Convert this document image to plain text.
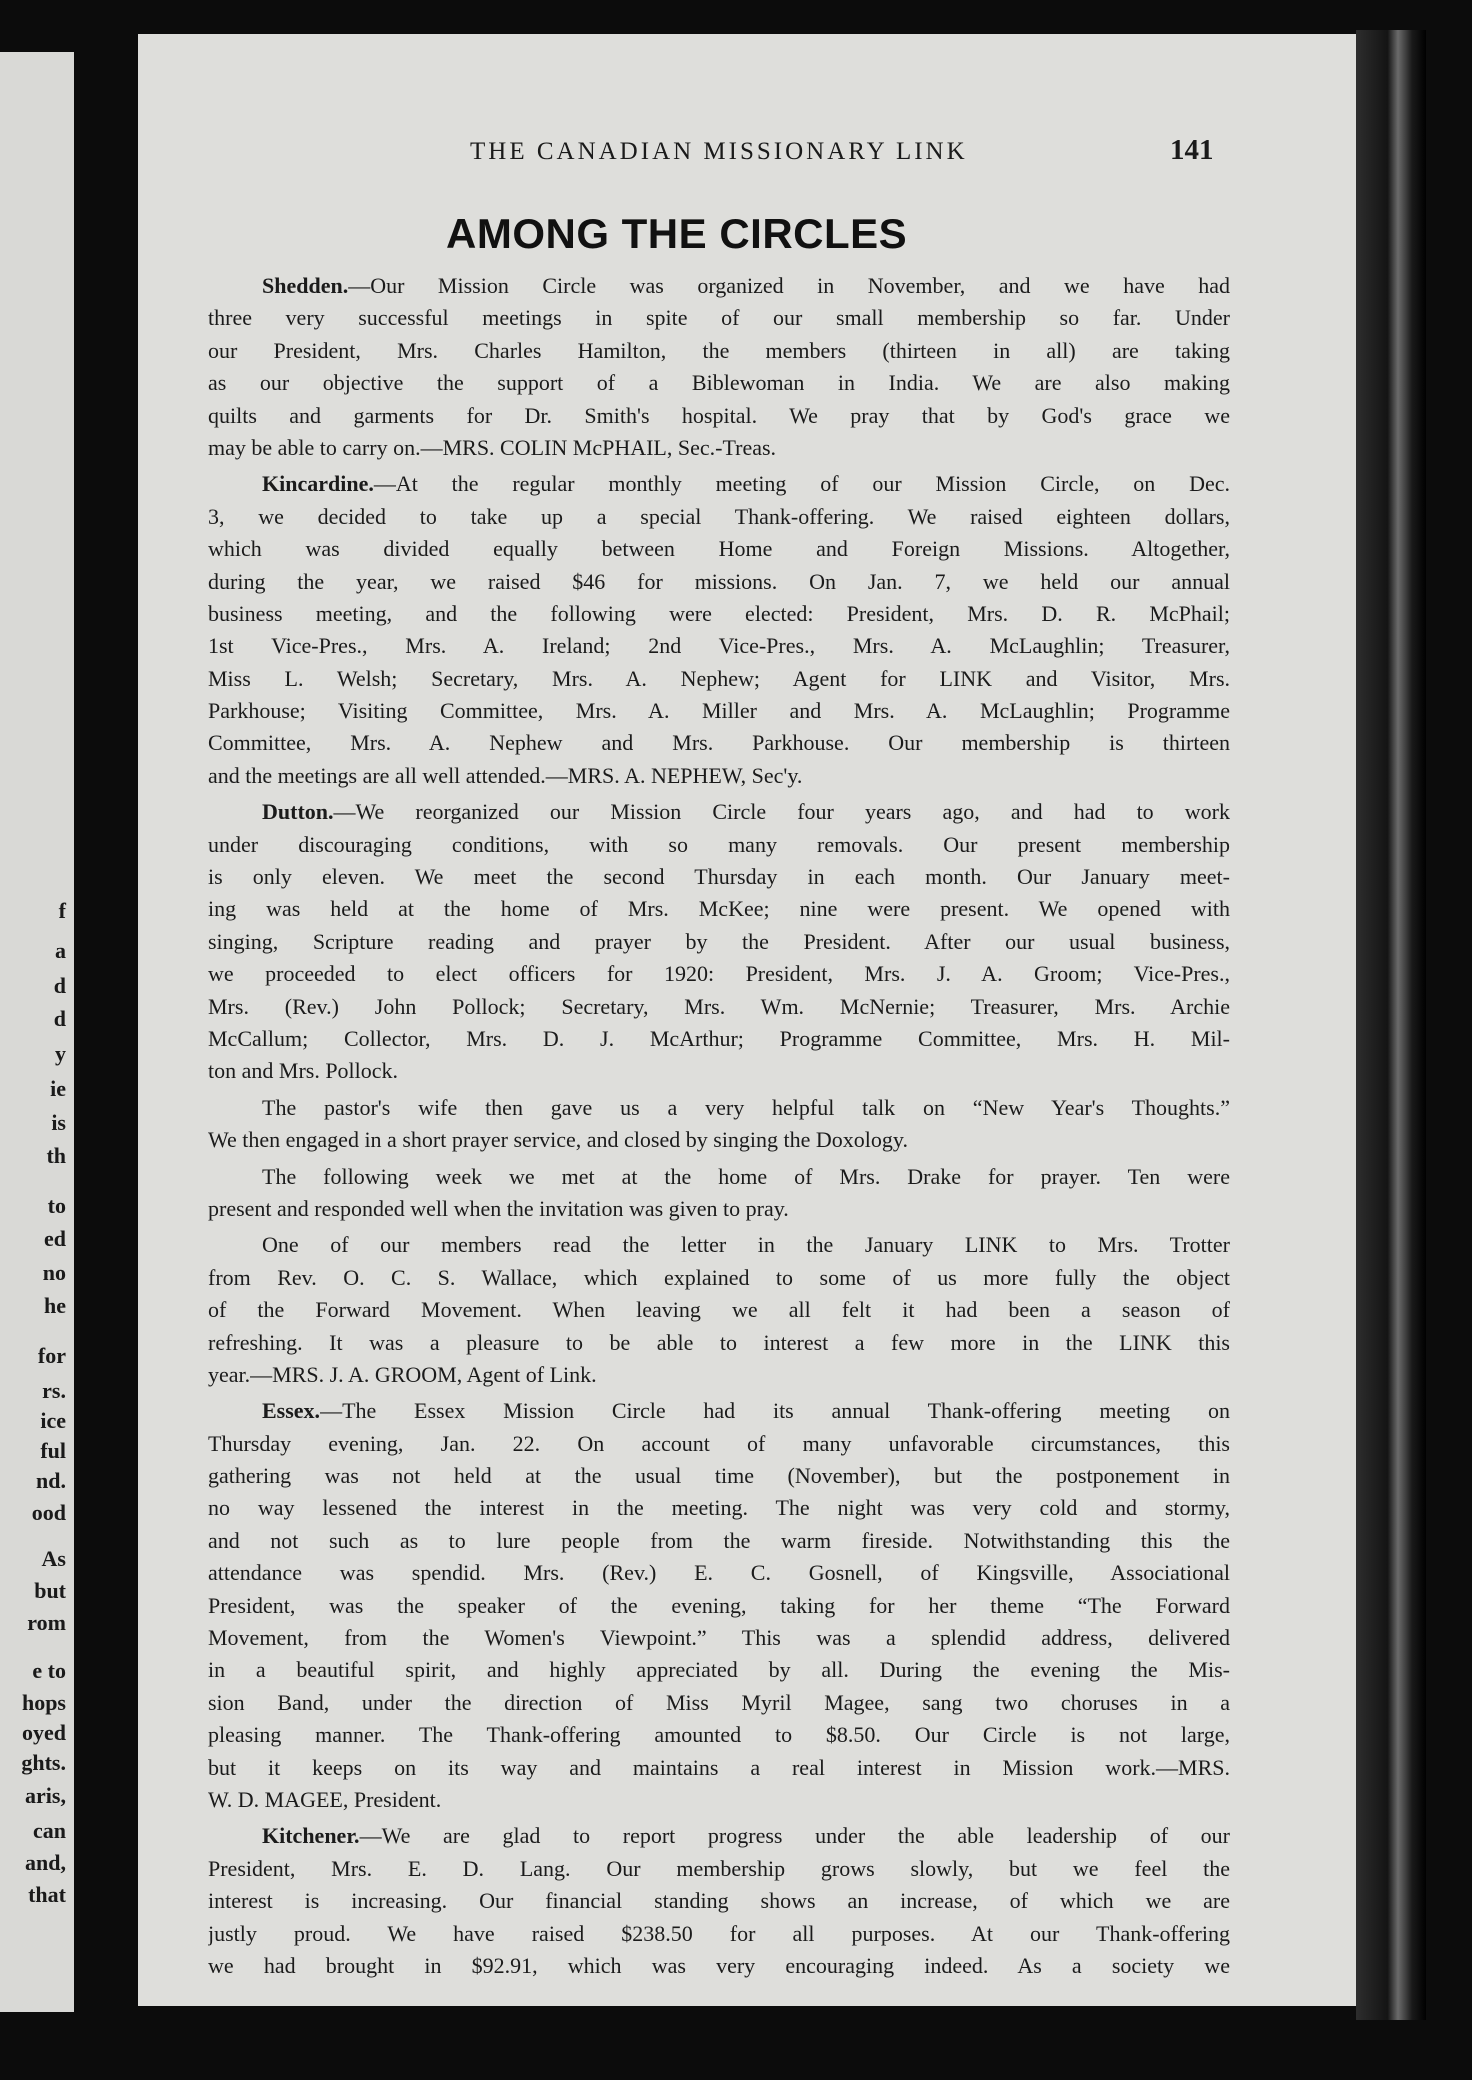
f
a
d
d
y
ie
is
th
to
ed
no
he
for
rs.
ice
ful
nd.
ood
As
but
rom
e to
hops
oyed
ghts.
aris,
can
and,
that
THE CANADIAN MISSIONARY LINK	141
AMONG THE CIRCLES
Shedden.—Our Mission Circle was organized in November, and we have had
three very successful meetings in spite of our small membership so far. Under
our President, Mrs. Charles Hamilton, the members (thirteen in all) are taking
as our objective the support of a Biblewoman in India. We are also making
quilts and garments for Dr. Smith's hospital. We pray that by God's grace we
may be able to carry on.—MRS. COLIN McPHAIL, Sec.-Treas.
Kincardine.—At the regular monthly meeting of our Mission Circle, on Dec.
3, we decided to take up a special Thank-offering. We raised eighteen dollars,
which was divided equally between Home and Foreign Missions. Altogether,
during the year, we raised $46 for missions. On Jan. 7, we held our annual
business meeting, and the following were elected: President, Mrs. D. R. McPhail;
1st Vice-Pres., Mrs. A. Ireland; 2nd Vice-Pres., Mrs. A. McLaughlin; Treasurer,
Miss L. Welsh; Secretary, Mrs. A. Nephew; Agent for LINK and Visitor, Mrs.
Parkhouse; Visiting Committee, Mrs. A. Miller and Mrs. A. McLaughlin; Programme
Committee, Mrs. A. Nephew and Mrs. Parkhouse. Our membership is thirteen
and the meetings are all well attended.—MRS. A. NEPHEW, Sec'y.
Dutton.—We reorganized our Mission Circle four years ago, and had to work
under discouraging conditions, with so many removals. Our present membership
is only eleven. We meet the second Thursday in each month. Our January meet-
ing was held at the home of Mrs. McKee; nine were present. We opened with
singing, Scripture reading and prayer by the President. After our usual business,
we proceeded to elect officers for 1920: President, Mrs. J. A. Groom; Vice-Pres.,
Mrs. (Rev.) John Pollock; Secretary, Mrs. Wm. McNernie; Treasurer, Mrs. Archie
McCallum; Collector, Mrs. D. J. McArthur; Programme Committee, Mrs. H. Mil-
ton and Mrs. Pollock.
The pastor's wife then gave us a very helpful talk on “New Year's Thoughts.”
We then engaged in a short prayer service, and closed by singing the Doxology.
The following week we met at the home of Mrs. Drake for prayer. Ten were
present and responded well when the invitation was given to pray.
One of our members read the letter in the January LINK to Mrs. Trotter
from Rev. O. C. S. Wallace, which explained to some of us more fully the object
of the Forward Movement. When leaving we all felt it had been a season of
refreshing. It was a pleasure to be able to interest a few more in the LINK this
year.—MRS. J. A. GROOM, Agent of Link.
Essex.—The Essex Mission Circle had its annual Thank-offering meeting on
Thursday evening, Jan. 22. On account of many unfavorable circumstances, this
gathering was not held at the usual time (November), but the postponement in
no way lessened the interest in the meeting. The night was very cold and stormy,
and not such as to lure people from the warm fireside. Notwithstanding this the
attendance was spendid. Mrs. (Rev.) E. C. Gosnell, of Kingsville, Associational
President, was the speaker of the evening, taking for her theme “The Forward
Movement, from the Women's Viewpoint.” This was a splendid address, delivered
in a beautiful spirit, and highly appreciated by all. During the evening the Mis-
sion Band, under the direction of Miss Myril Magee, sang two choruses in a
pleasing manner. The Thank-offering amounted to $8.50. Our Circle is not large,
but it keeps on its way and maintains a real interest in Mission work.—MRS.
W. D. MAGEE, President.
Kitchener.—We are glad to report progress under the able leadership of our
President, Mrs. E. D. Lang. Our membership grows slowly, but we feel the
interest is increasing. Our financial standing shows an increase, of which we are
justly proud. We have raised $238.50 for all purposes. At our Thank-offering
we had brought in $92.91, which was very encouraging indeed. As a society we
